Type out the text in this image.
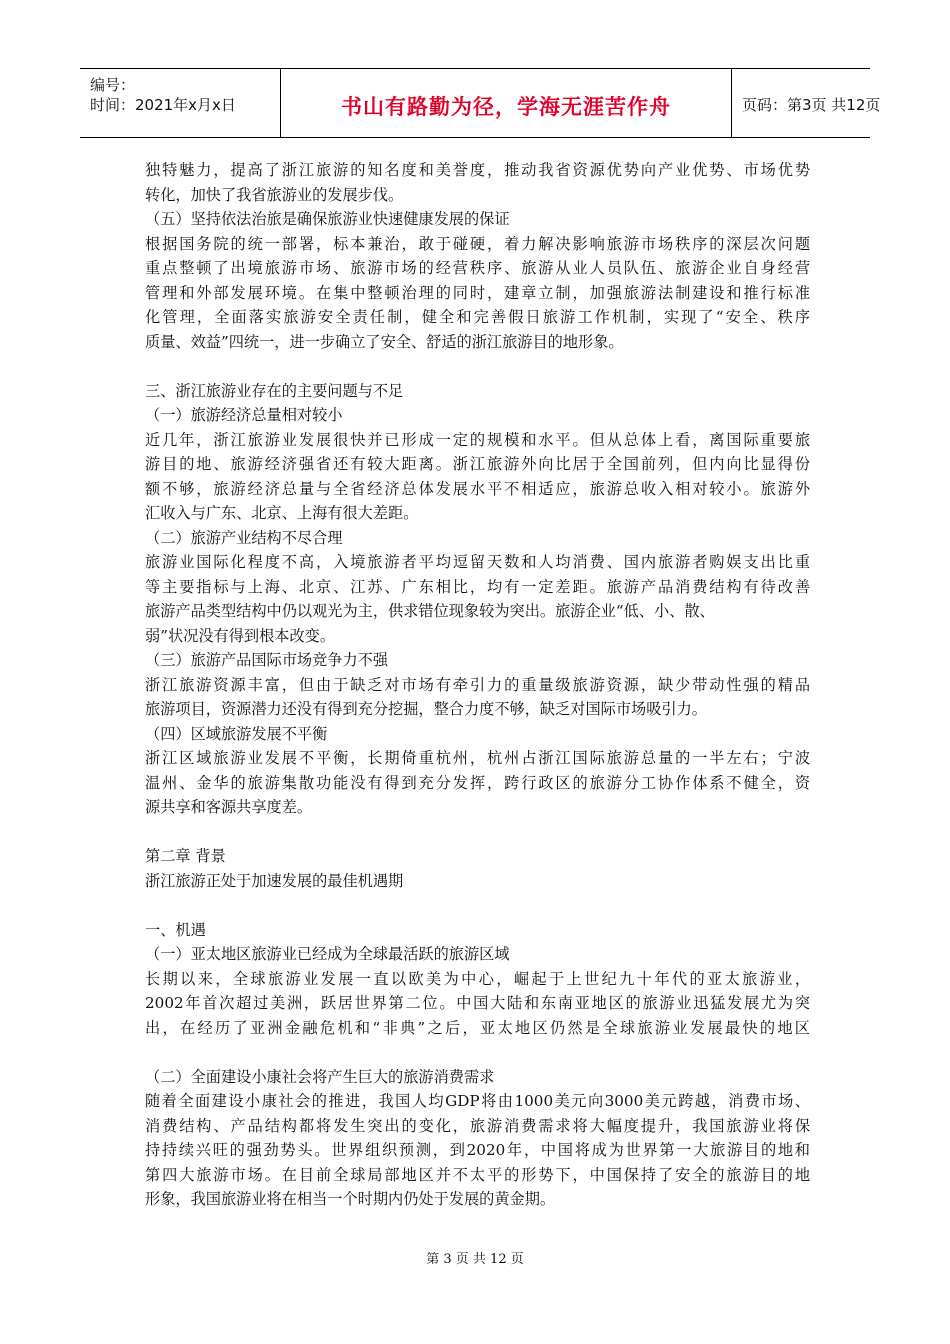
编号：
时间：2021年x月x日	书山有路勤为径，学海无涯苦作舟	页码：第3页 共12页
独特魅力，提高了浙江旅游的知名度和美誉度，推动我省资源优势向产业优势、市场优势
转化，加快了我省旅游业的发展步伐。
（五）坚持依法治旅是确保旅游业快速健康发展的保证
根据国务院的统一部署，标本兼治，敢于碰硬，着力解决影响旅游市场秩序的深层次问题
重点整顿了出境旅游市场、旅游市场的经营秩序、旅游从业人员队伍、旅游企业自身经营
管理和外部发展环境。在集中整顿治理的同时，建章立制，加强旅游法制建设和推行标准
化管理，全面落实旅游安全责任制，健全和完善假日旅游工作机制，实现了“安全、秩序
质量、效益”四统一，进一步确立了安全、舒适的浙江旅游目的地形象。
三、浙江旅游业存在的主要问题与不足
（一）旅游经济总量相对较小
近几年，浙江旅游业发展很快并已形成一定的规模和水平。但从总体上看，离国际重要旅
游目的地、旅游经济强省还有较大距离。浙江旅游外向比居于全国前列，但内向比显得份
额不够，旅游经济总量与全省经济总体发展水平不相适应，旅游总收入相对较小。旅游外
汇收入与广东、北京、上海有很大差距。
（二）旅游产业结构不尽合理
旅游业国际化程度不高，入境旅游者平均逗留天数和人均消费、国内旅游者购娱支出比重
等主要指标与上海、北京、江苏、广东相比，均有一定差距。旅游产品消费结构有待改善
旅游产品类型结构中仍以观光为主，供求错位现象较为突出。旅游企业“低、小、散、
弱”状况没有得到根本改变。
（三）旅游产品国际市场竞争力不强
浙江旅游资源丰富，但由于缺乏对市场有牵引力的重量级旅游资源，缺少带动性强的精品
旅游项目，资源潜力还没有得到充分挖掘，整合力度不够，缺乏对国际市场吸引力。
（四）区域旅游发展不平衡
浙江区域旅游业发展不平衡，长期倚重杭州，杭州占浙江国际旅游总量的一半左右；宁波
温州、金华的旅游集散功能没有得到充分发挥，跨行政区的旅游分工协作体系不健全，资
源共享和客源共享度差。
第二章 背景
浙江旅游正处于加速发展的最佳机遇期
一、机遇
（一）亚太地区旅游业已经成为全球最活跃的旅游区域
长期以来，全球旅游业发展一直以欧美为中心，崛起于上世纪九十年代的亚太旅游业，
2002年首次超过美洲，跃居世界第二位。中国大陆和东南亚地区的旅游业迅猛发展尤为突
出，在经历了亚洲金融危机和“非典”之后，亚太地区仍然是全球旅游业发展最快的地区
（二）全面建设小康社会将产生巨大的旅游消费需求
随着全面建设小康社会的推进，我国人均GDP将由1000美元向3000美元跨越，消费市场、
消费结构、产品结构都将发生突出的变化，旅游消费需求将大幅度提升，我国旅游业将保
持持续兴旺的强劲势头。世界组织预测，到2020年，中国将成为世界第一大旅游目的地和
第四大旅游市场。在目前全球局部地区并不太平的形势下，中国保持了安全的旅游目的地
形象，我国旅游业将在相当一个时期内仍处于发展的黄金期。
第 3 页 共 12 页
